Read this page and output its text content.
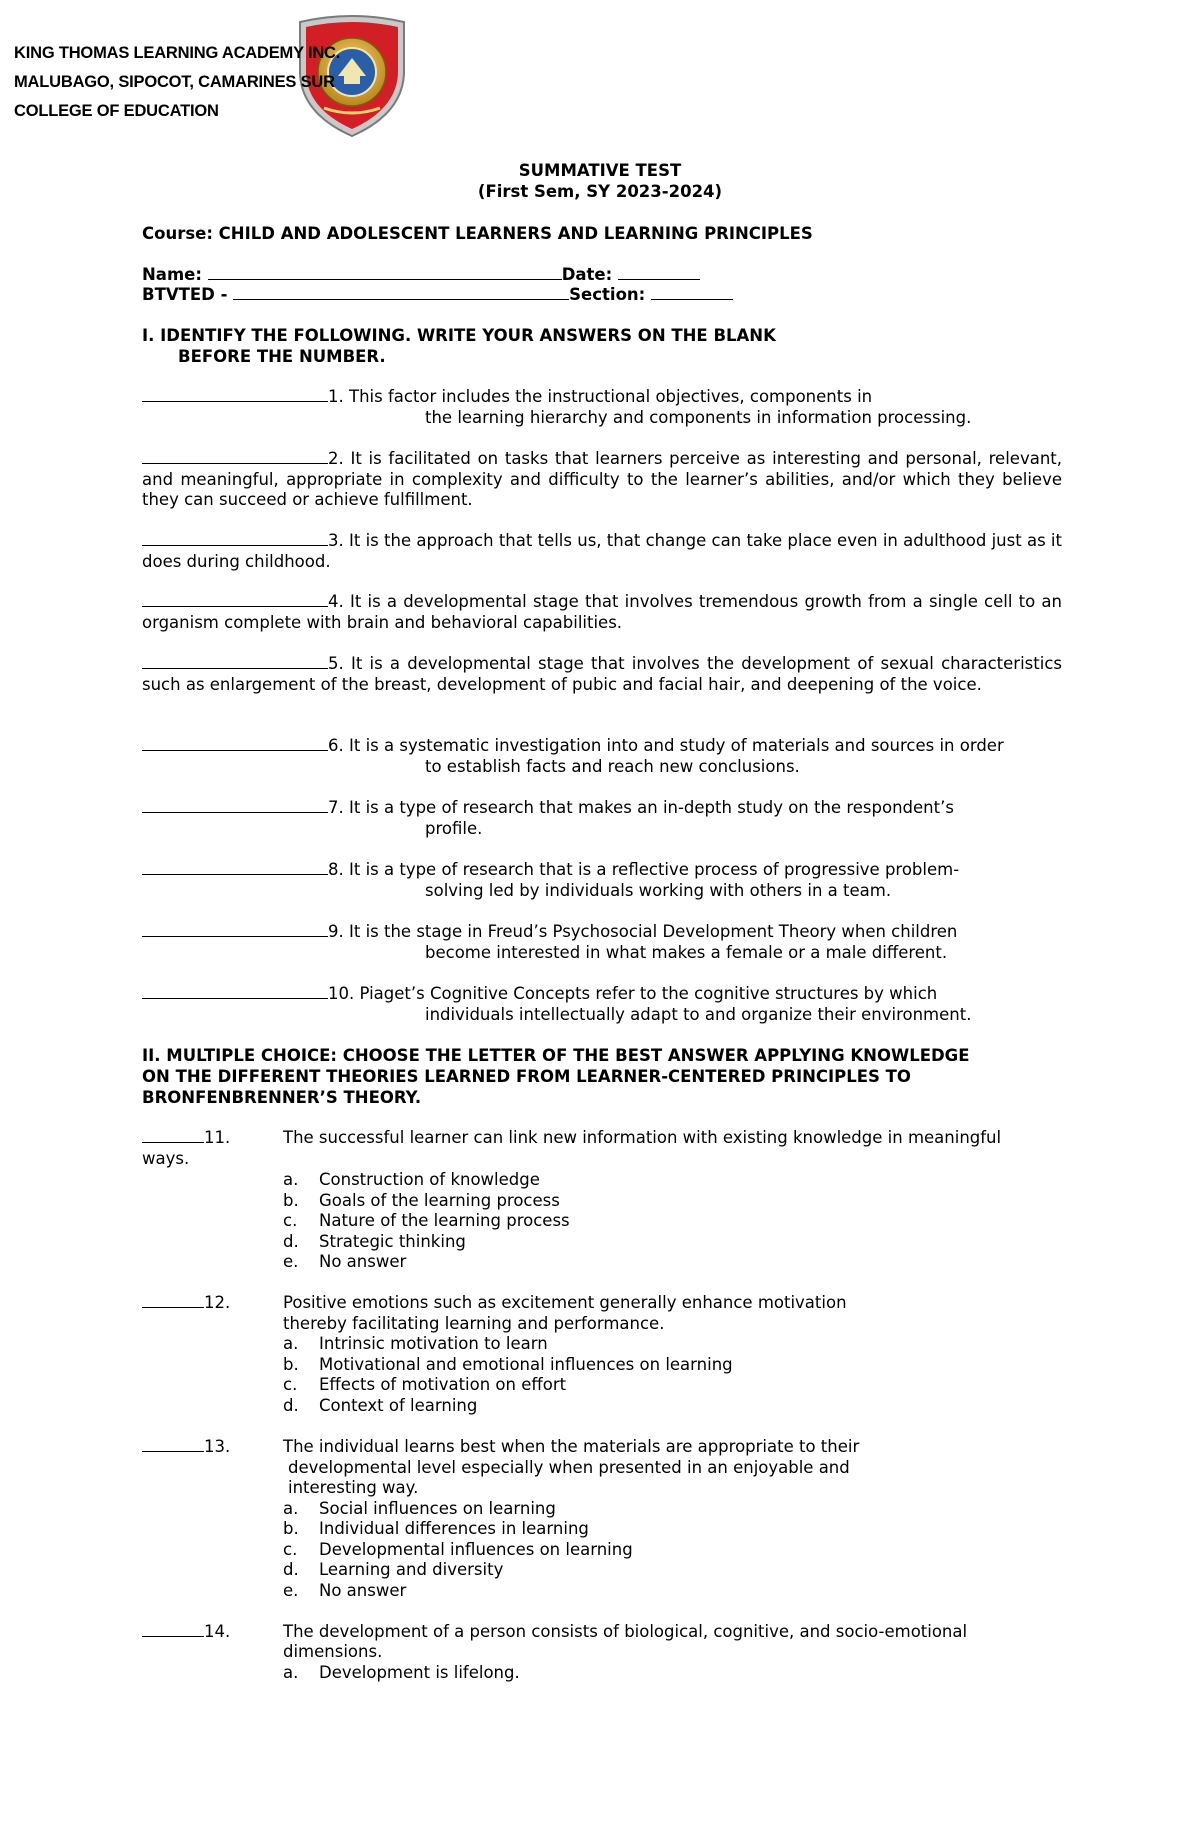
KING THOMAS LEARNING ACADEMY INC.
MALUBAGO, SIPOCOT, CAMARINES SUR
COLLEGE OF EDUCATION
SUMMATIVE TEST
(First Sem, SY 2023-2024)
Course: CHILD AND ADOLESCENT LEARNERS AND LEARNING PRINCIPLES
Name:	Date:
BTVTED -	Section:
I. IDENTIFY THE FOLLOWING. WRITE YOUR ANSWERS ON THE BLANK
BEFORE THE NUMBER.
1. This factor includes the instructional objectives, components in
the learning hierarchy and components in information processing.
2. It is facilitated on tasks that learners perceive as interesting and personal, relevant, and meaningful, appropriate in complexity and difficulty to the learner’s abilities, and/or which they believe they can succeed or achieve fulfillment.
3. It is the approach that tells us, that change can take place even in adulthood just as it does during childhood.
4. It is a developmental stage that involves tremendous growth from a single cell to an organism complete with brain and behavioral capabilities.
5. It is a developmental stage that involves the development of sexual characteristics such as enlargement of the breast, development of pubic and facial hair, and deepening of the voice.
6. It is a systematic investigation into and study of materials and sources in order
to establish facts and reach new conclusions.
7. It is a type of research that makes an in-depth study on the respondent’s
profile.
8. It is a type of research that is a reflective process of progressive problem-
solving led by individuals working with others in a team.
9. It is the stage in Freud’s Psychosocial Development Theory when children
become interested in what makes a female or a male different.
10. Piaget’s Cognitive Concepts refer to the cognitive structures by which
individuals intellectually adapt to and organize their environment.
II. MULTIPLE CHOICE: CHOOSE THE LETTER OF THE BEST ANSWER APPLYING KNOWLEDGE
ON THE DIFFERENT THEORIES LEARNED FROM LEARNER-CENTERED PRINCIPLES TO
BRONFENBRENNER’S THEORY.
11.	The successful learner can link new information with existing knowledge in meaningful
ways.
a. Construction of knowledge
b. Goals of the learning process
c. Nature of the learning process
d. Strategic thinking
e. No answer
12.	Positive emotions such as excitement generally enhance motivation
thereby facilitating learning and performance.
a. Intrinsic motivation to learn
b. Motivational and emotional influences on learning
c. Effects of motivation on effort
d. Context of learning
13.	The individual learns best when the materials are appropriate to their
developmental level especially when presented in an enjoyable and
interesting way.
a. Social influences on learning
b. Individual differences in learning
c. Developmental influences on learning
d. Learning and diversity
e. No answer
14.	The development of a person consists of biological, cognitive, and socio-emotional
dimensions.
a. Development is lifelong.
